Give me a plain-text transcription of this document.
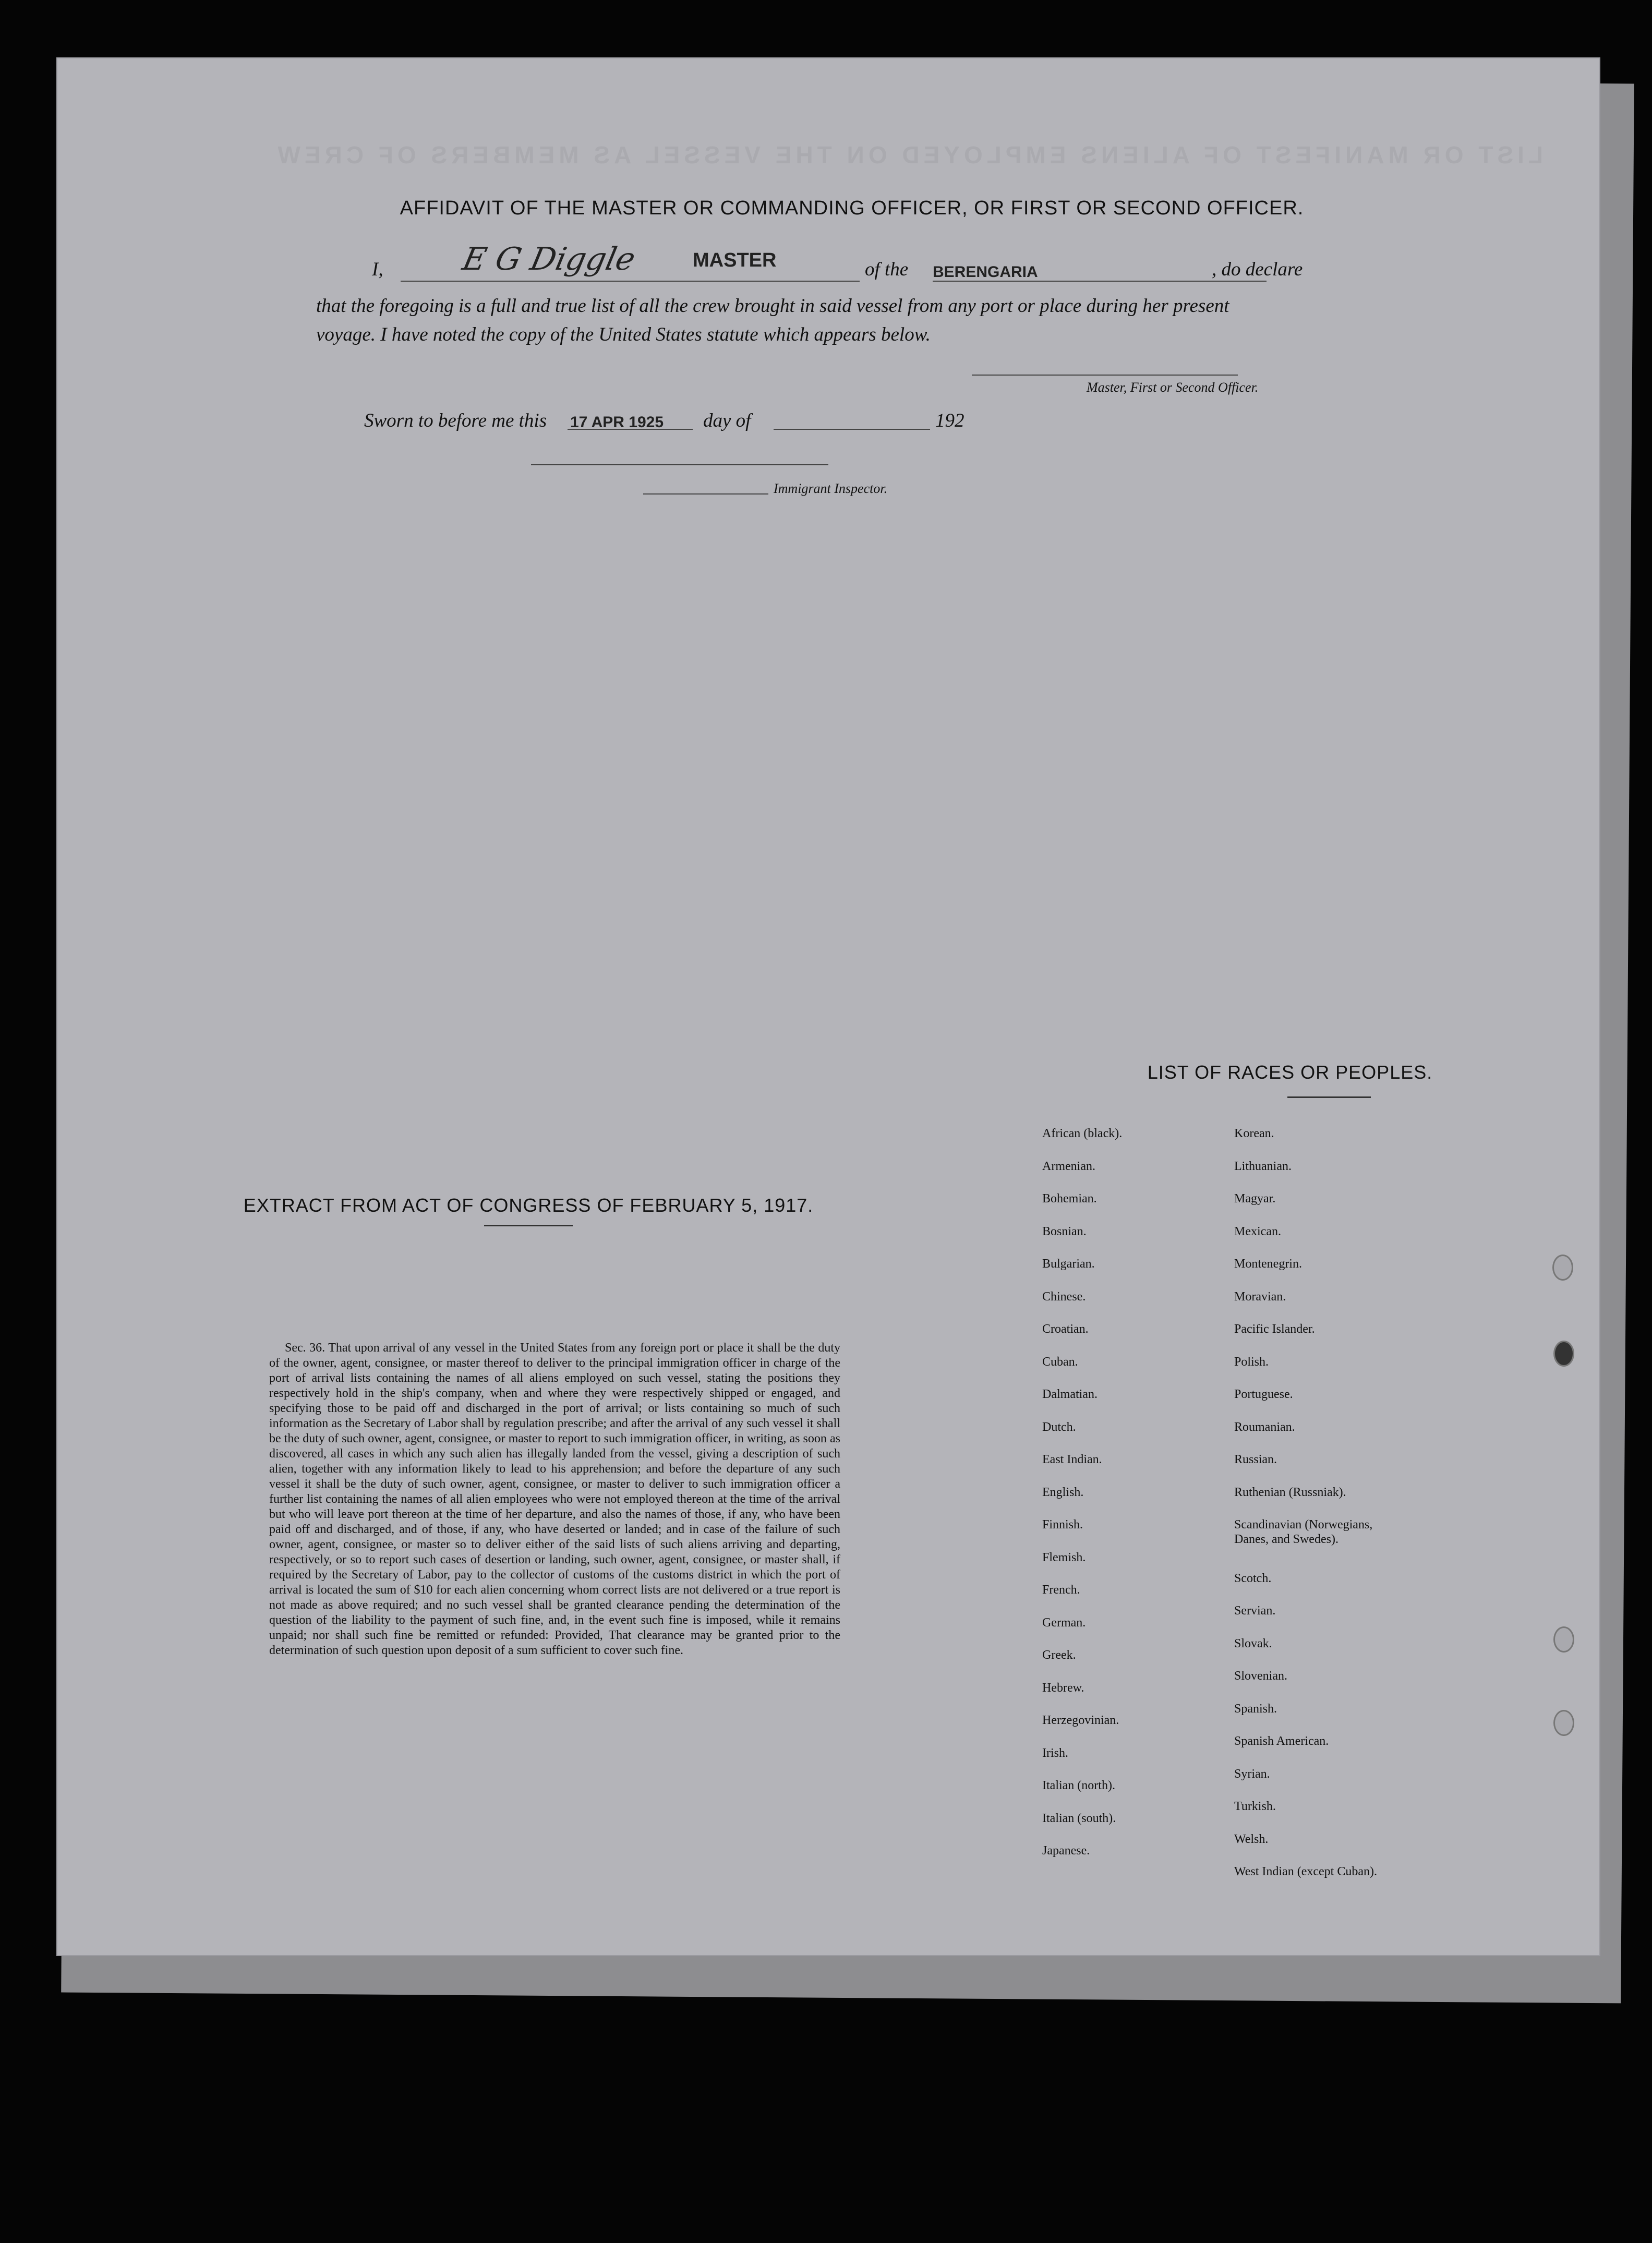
LIST OR MANIFEST OF ALIENS EMPLOYED ON THE VESSEL AS MEMBERS OF CREW
AFFIDAVIT OF THE MASTER OR COMMANDING OFFICER, OR FIRST OR SECOND OFFICER.
I, E G Diggle	MASTER	of the BERENGARIA	, do declare
that the foregoing is a full and true list of all the crew brought in said vessel from any port or place during her present
voyage. I have noted the copy of the United States statute which appears below.
Master, First or Second Officer.
Sworn to before me this 17 APR 1925 day of	192
Immigrant Inspector.
LIST OF RACES OR PEOPLES.
African (black).
Armenian.
Bohemian.
Bosnian.
Bulgarian.
Chinese.
Croatian.
Cuban.
Dalmatian.
Dutch.
East Indian.
English.
Finnish.
Flemish.
French.
German.
Greek.
Hebrew.
Herzegovinian.
Irish.
Italian (north).
Italian (south).
Japanese.
Korean.
Lithuanian.
Magyar.
Mexican.
Montenegrin.
Moravian.
Pacific Islander.
Polish.
Portuguese.
Roumanian.
Russian.
Ruthenian (Russniak).
Scandinavian (Norwegians,
Danes, and Swedes).
Scotch.
Servian.
Slovak.
Slovenian.
Spanish.
Spanish American.
Syrian.
Turkish.
Welsh.
West Indian (except Cuban).
EXTRACT FROM ACT OF CONGRESS OF FEBRUARY 5, 1917.
Sec. 36. That upon arrival of any vessel in the United States from any foreign port or place it shall be the duty of the owner, agent, consignee, or master thereof to deliver to the principal immigration officer in charge of the port of arrival lists containing the names of all aliens employed on such vessel, stating the positions they respectively hold in the ship's company, when and where they were respectively shipped or engaged, and specifying those to be paid off and discharged in the port of arrival; or lists containing so much of such information as the Secretary of Labor shall by regulation prescribe; and after the arrival of any such vessel it shall be the duty of such owner, agent, consignee, or master to report to such immigration officer, in writing, as soon as discovered, all cases in which any such alien has illegally landed from the vessel, giving a description of such alien, together with any information likely to lead to his apprehension; and before the departure of any such vessel it shall be the duty of such owner, agent, consignee, or master to deliver to such immigration officer a further list containing the names of all alien employees who were not employed thereon at the time of the arrival but who will leave port thereon at the time of her departure, and also the names of those, if any, who have been paid off and discharged, and of those, if any, who have deserted or landed; and in case of the failure of such owner, agent, consignee, or master so to deliver either of the said lists of such aliens arriving and departing, respectively, or so to report such cases of desertion or landing, such owner, agent, consignee, or master shall, if required by the Secretary of Labor, pay to the collector of customs of the customs district in which the port of arrival is located the sum of $10 for each alien concerning whom correct lists are not delivered or a true report is not made as above required; and no such vessel shall be granted clearance pending the determination of the question of the liability to the payment of such fine, and, in the event such fine is imposed, while it remains unpaid; nor shall such fine be remitted or refunded: Provided, That clearance may be granted prior to the determination of such question upon deposit of a sum sufficient to cover such fine.
